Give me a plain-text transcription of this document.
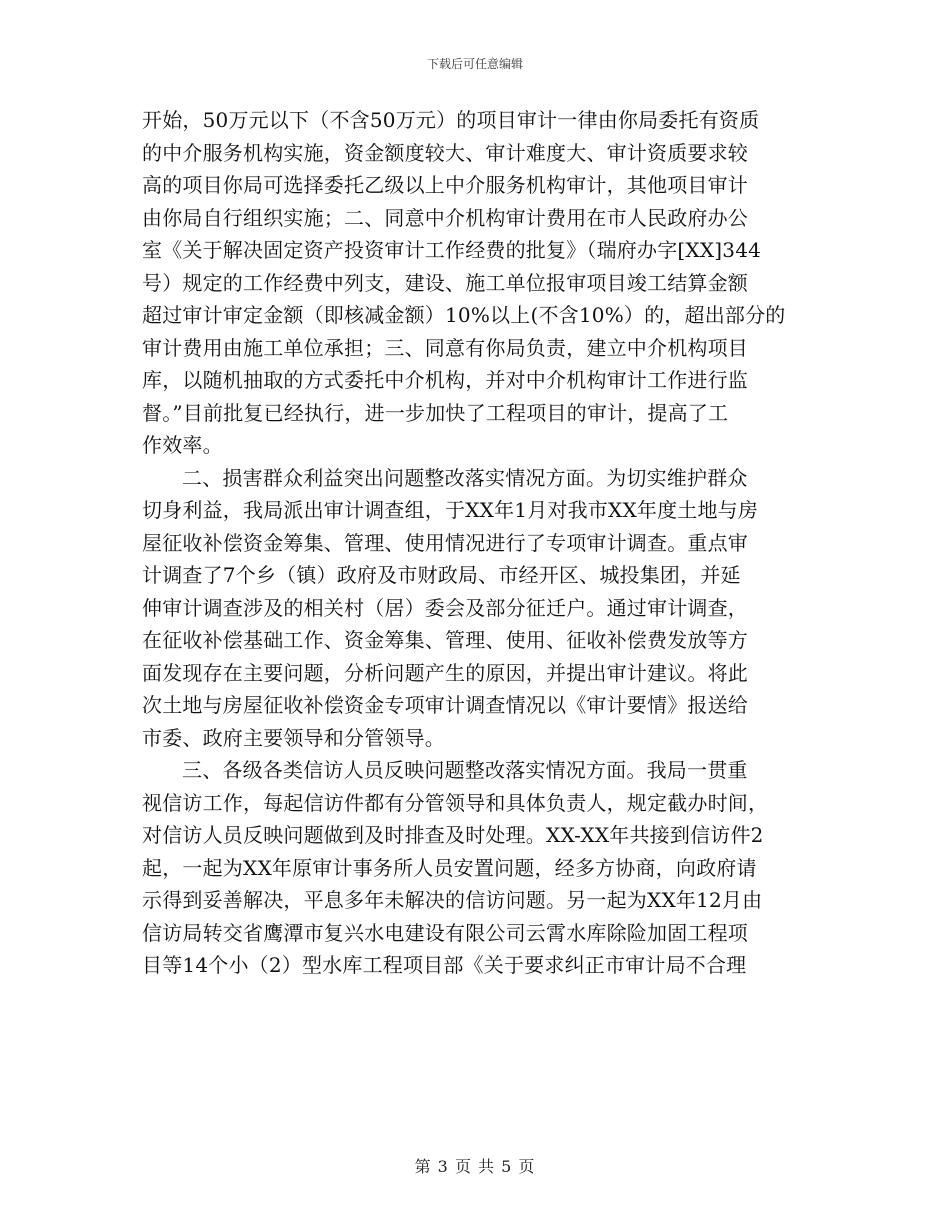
下载后可任意编辑
开始，50万元以下（不含50万元）的项目审计一律由你局委托有资质
的中介服务机构实施，资金额度较大、审计难度大、审计资质要求较
高的项目你局可选择委托乙级以上中介服务机构审计，其他项目审计
由你局自行组织实施；二、同意中介机构审计费用在市人民政府办公
室《关于解决固定资产投资审计工作经费的批复》（瑞府办字[XX]344
号）规定的工作经费中列支，建设、施工单位报审项目竣工结算金额
超过审计审定金额（即核减金额）10%以上(不含10%）的，超出部分的
审计费用由施工单位承担；三、同意有你局负责，建立中介机构项目
库，以随机抽取的方式委托中介机构，并对中介机构审计工作进行监
督。”目前批复已经执行，进一步加快了工程项目的审计，提高了工
作效率。
二、损害群众利益突出问题整改落实情况方面。为切实维护群众
切身利益，我局派出审计调查组，于XX年1月对我市XX年度土地与房
屋征收补偿资金筹集、管理、使用情况进行了专项审计调查。重点审
计调查了7个乡（镇）政府及市财政局、市经开区、城投集团，并延
伸审计调查涉及的相关村（居）委会及部分征迁户。通过审计调查，
在征收补偿基础工作、资金筹集、管理、使用、征收补偿费发放等方
面发现存在主要问题，分析问题产生的原因，并提出审计建议。将此
次土地与房屋征收补偿资金专项审计调查情况以《审计要情》报送给
市委、政府主要领导和分管领导。
三、各级各类信访人员反映问题整改落实情况方面。我局一贯重
视信访工作，每起信访件都有分管领导和具体负责人，规定截办时间，
对信访人员反映问题做到及时排查及时处理。XX-XX年共接到信访件2
起，一起为XX年原审计事务所人员安置问题，经多方协商，向政府请
示得到妥善解决，平息多年未解决的信访问题。另一起为XX年12月由
信访局转交省鹰潭市复兴水电建设有限公司云霄水库除险加固工程项
目等14个小（2）型水库工程项目部《关于要求纠正市审计局不合理
第 3 页 共 5 页
